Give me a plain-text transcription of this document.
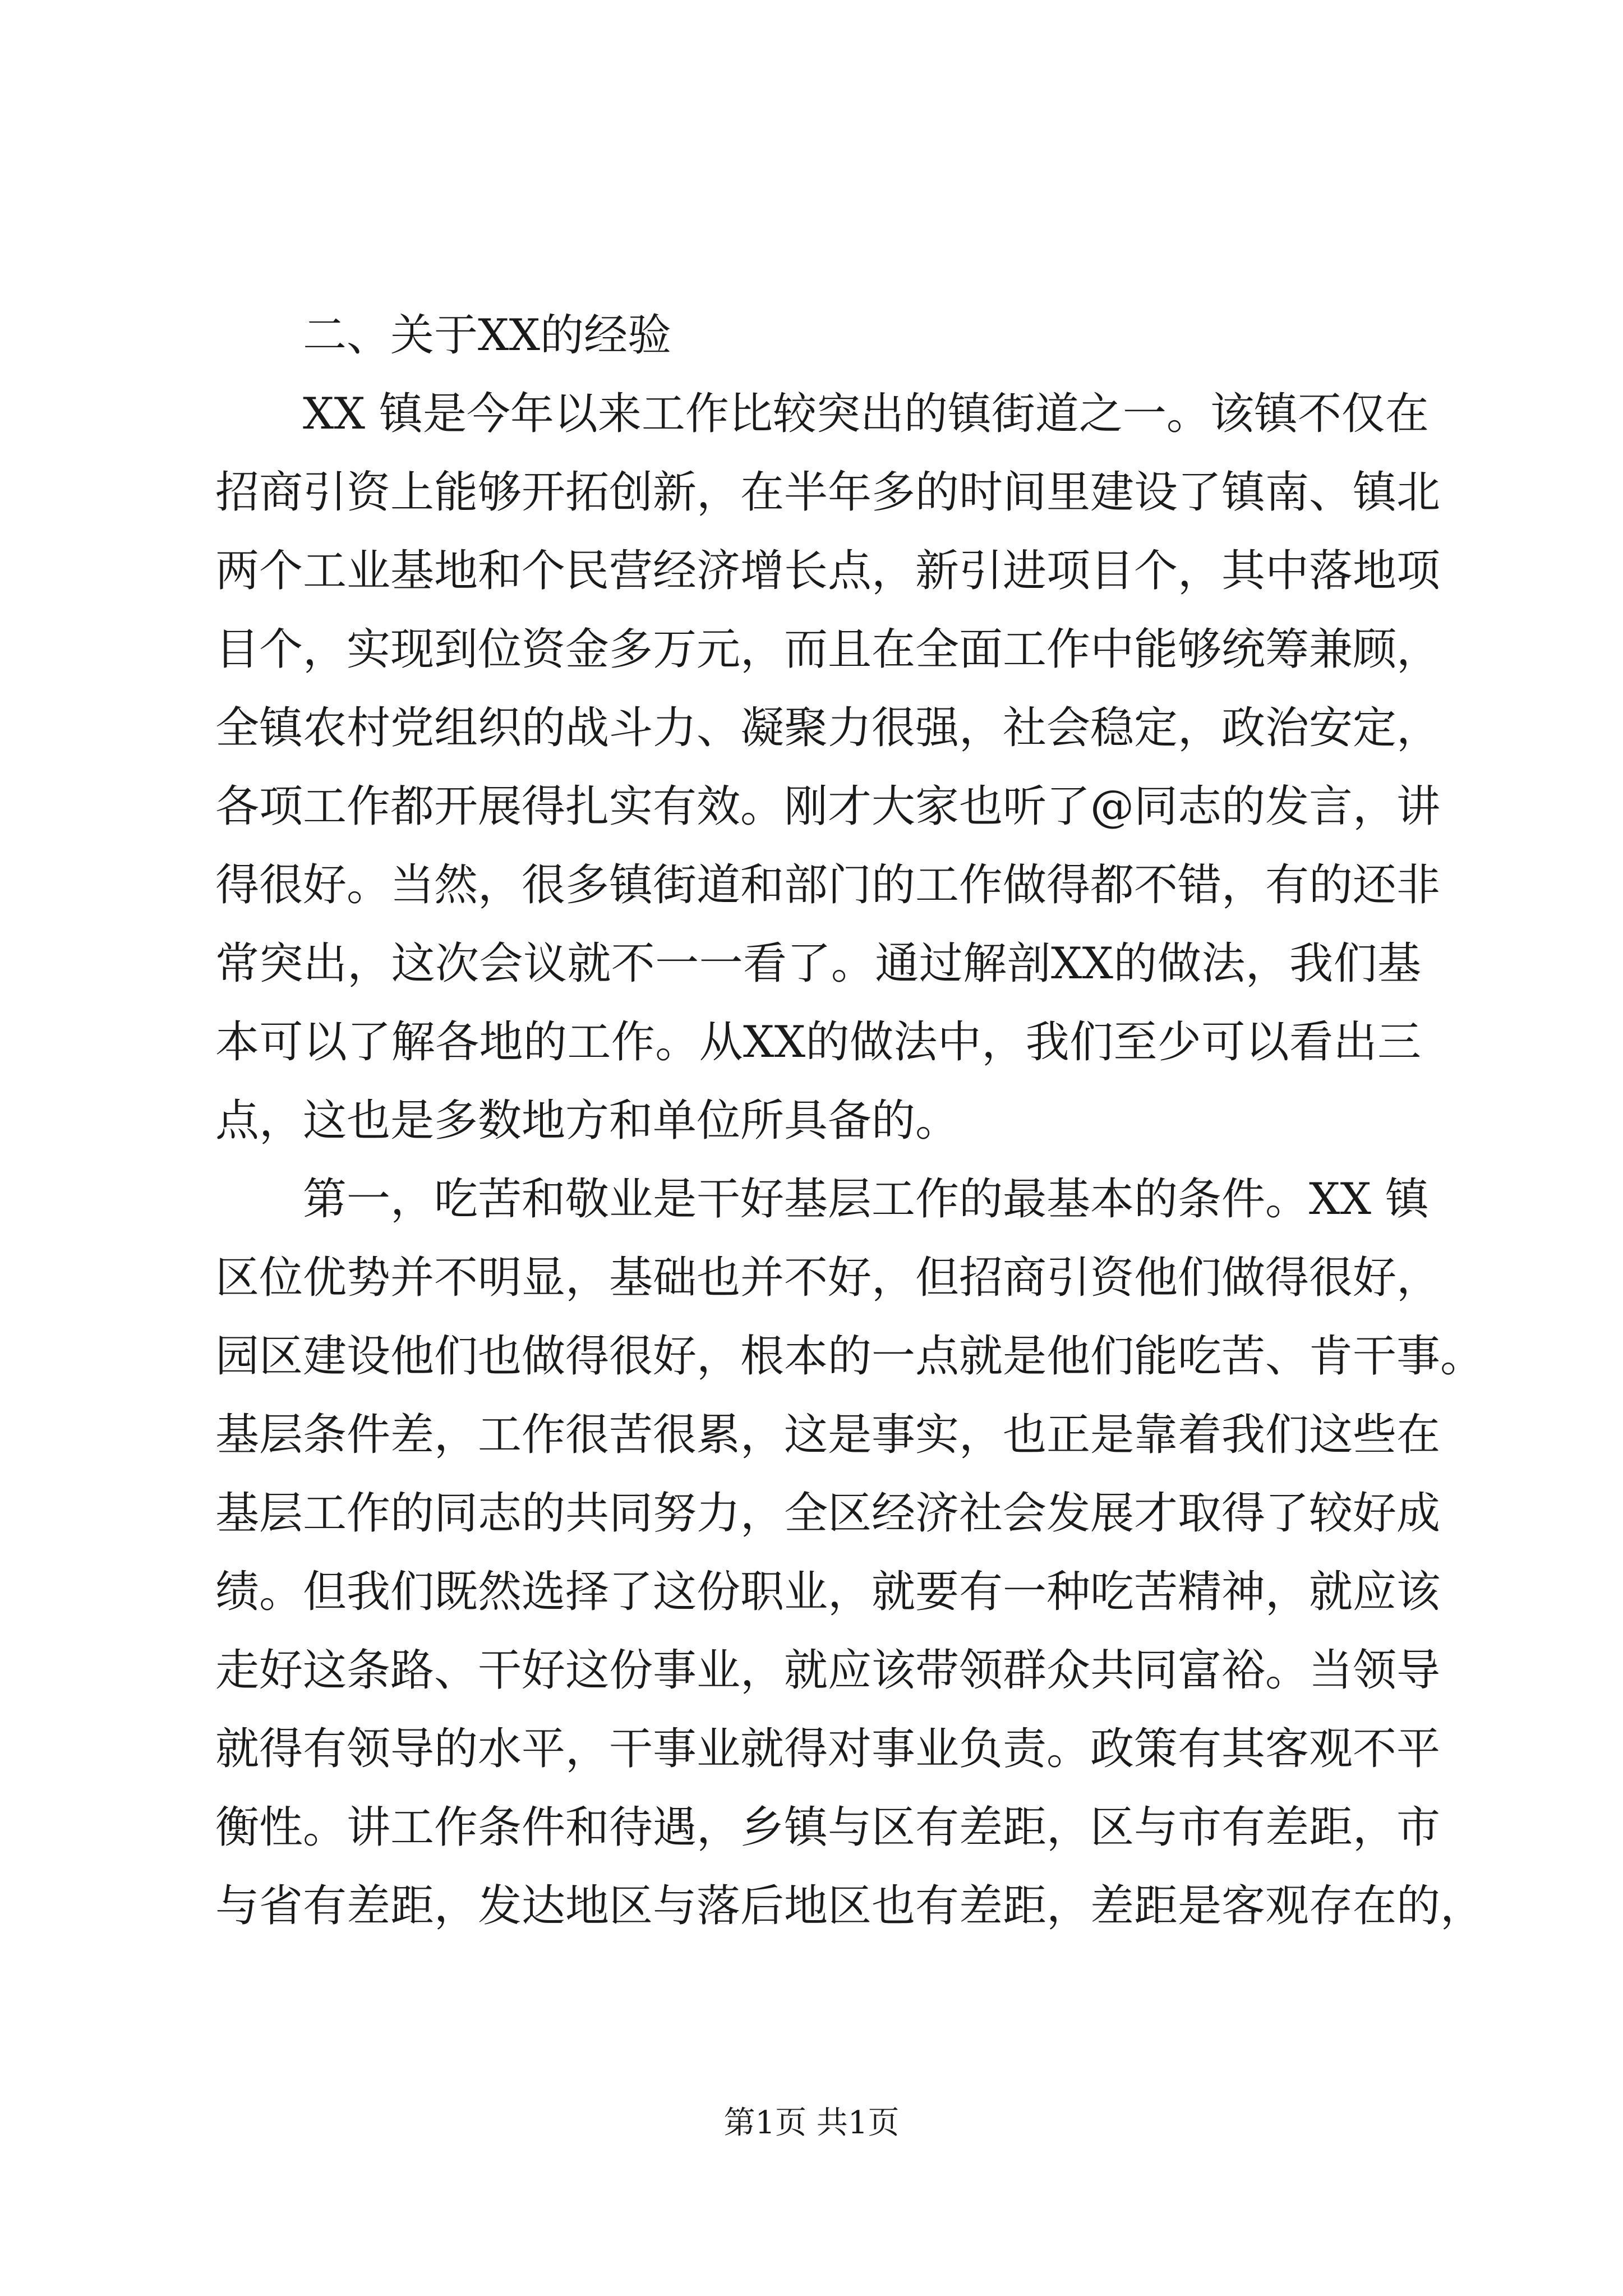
二、关于XX的经验
XX 镇是今年以来工作比较突出的镇街道之一。该镇不仅在
招商引资上能够开拓创新，在半年多的时间里建设了镇南、镇北
两个工业基地和个民营经济增长点，新引进项目个，其中落地项
目个，实现到位资金多万元，而且在全面工作中能够统筹兼顾，
全镇农村党组织的战斗力、凝聚力很强，社会稳定，政治安定，
各项工作都开展得扎实有效。刚才大家也听了@同志的发言，讲
得很好。当然，很多镇街道和部门的工作做得都不错，有的还非
常突出，这次会议就不一一看了。通过解剖XX的做法，我们基
本可以了解各地的工作。从XX的做法中，我们至少可以看出三
点，这也是多数地方和单位所具备的。
第一，吃苦和敬业是干好基层工作的最基本的条件。XX 镇
区位优势并不明显，基础也并不好，但招商引资他们做得很好，
园区建设他们也做得很好，根本的一点就是他们能吃苦、肯干事。
基层条件差，工作很苦很累，这是事实，也正是靠着我们这些在
基层工作的同志的共同努力，全区经济社会发展才取得了较好成
绩。但我们既然选择了这份职业，就要有一种吃苦精神，就应该
走好这条路、干好这份事业，就应该带领群众共同富裕。当领导
就得有领导的水平，干事业就得对事业负责。政策有其客观不平
衡性。讲工作条件和待遇，乡镇与区有差距，区与市有差距，市
与省有差距，发达地区与落后地区也有差距，差距是客观存在的，
第1页 共1页
